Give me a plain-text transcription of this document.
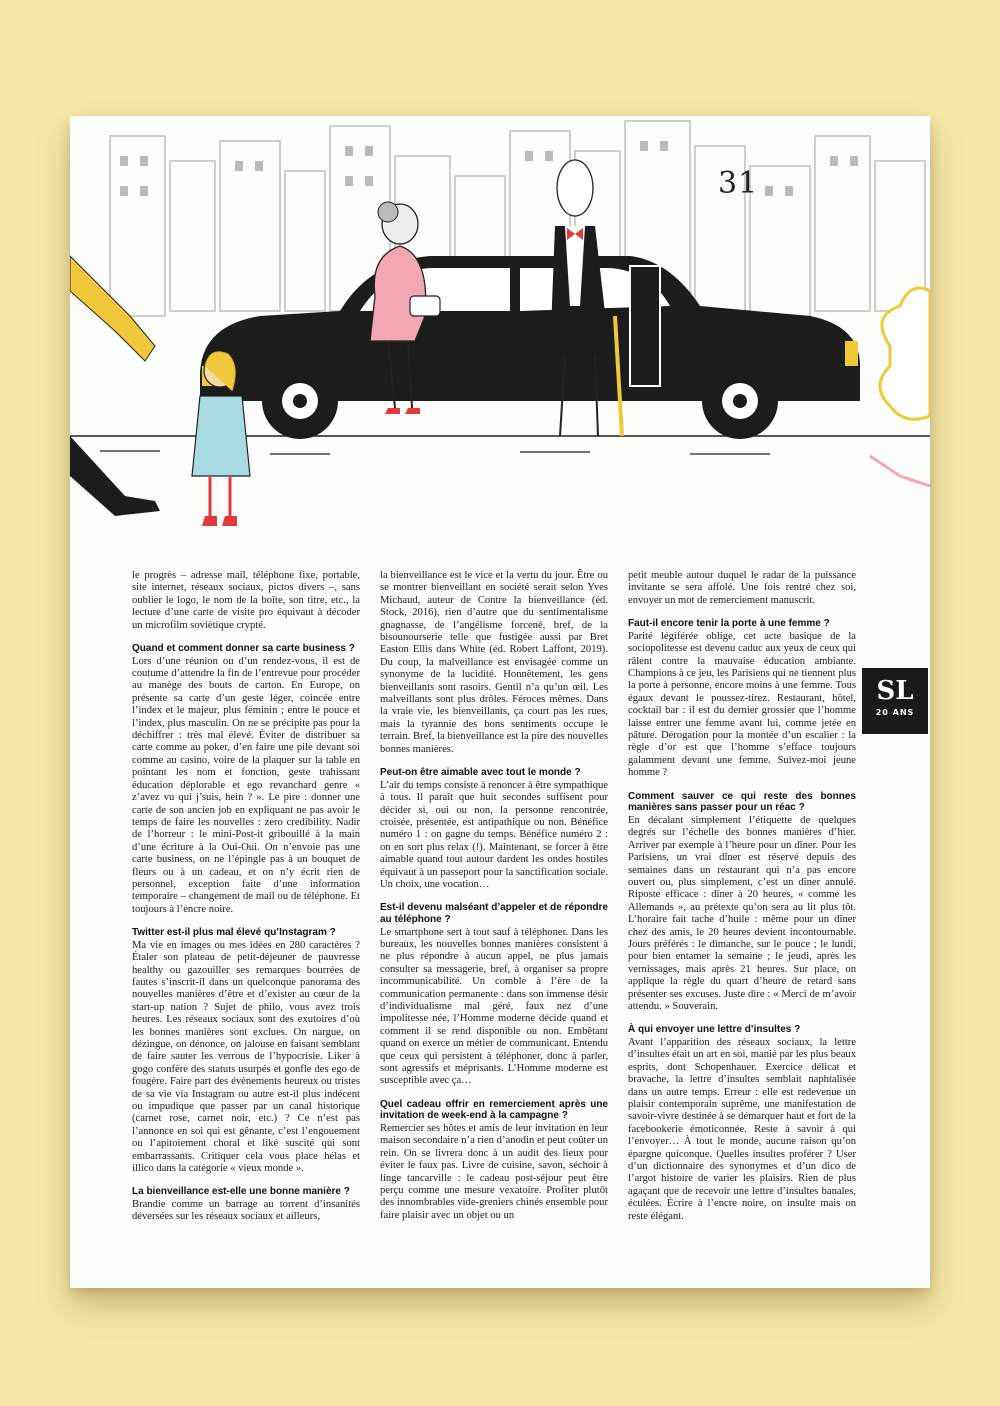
31

le progrès – adresse mail, téléphone fixe, portable, site internet, réseaux sociaux, pictos divers –, sans oublier le logo, le nom de la boîte, son titre, etc., la lecture d’une carte de visite pro équivaut à décoder un microfilm soviétique crypté.

Quand et comment donner sa carte business ?

Lors d’une réunion ou d’un rendez-vous, il est de coutume d’attendre la fin de l’entrevue pour procéder au manège des bouts de carton. En Europe, on présente sa carte d’un geste léger, coincée entre l’index et le majeur, plus féminin ; entre le pouce et l’index, plus masculin. On ne se précipite pas pour la déchiffrer : très mal élevé. Éviter de distribuer sa carte comme au poker, d’en faire une pile devant soi comme au casino, voire de la plaquer sur la table en pointant les nom et fonction, geste trahissant éducation déplorable et ego revanchard genre « z’avez vu qui j’suis, hein ? ». Le pire : donner une carte de son ancien job en expliquant ne pas avoir le temps de faire les nouvelles : zero credibility. Nadir de l’horreur : le mini-Post-it gribouillé à la main d’une écriture à la Oui-Oui. On n’envoie pas une carte business, on ne l’épingle pas à un bouquet de fleurs ou à un cadeau, et on n’y écrit rien de personnel, exception faite d’une information temporaire – changement de mail ou de téléphone. Et toujours à l’encre noire.

Twitter est-il plus mal élevé qu’Instagram ?

Ma vie en images ou mes idées en 280 caractères ? Étaler son plateau de petit-déjeuner de pauvresse healthy ou gazouiller ses remarques bourrées de fautes s’inscrit-il dans un quelconque panorama des nouvelles manières d’être et d’exister au cœur de la start-up nation ? Sujet de philo, vous avez trois heures. Les réseaux sociaux sont des exutoires d’où les bonnes manières sont exclues. On nargue, on dézingue, on dénonce, on jalouse en faisant semblant de faire sauter les verrous de l’hypocrisie. Liker à gogo confère des statuts usurpés et gonfle des ego de fougère. Faire part des évènements heureux ou tristes de sa vie via Instagram ou autre est-il plus indécent ou impudique que passer par un canal historique (carnet rose, carnet noir, etc.) ? Ce n’est pas l’annonce en soi qui est gênante, c’est l’engouement ou l’apitoiement choral et liké suscité qui sont embarrassants. Critiquer cela vous place hélas et illico dans la catégorie « vieux monde ».

La bienveillance est-elle une bonne manière ?

Brandie comme un barrage au torrent d’insanités déversées sur les réseaux sociaux et ailleurs,

la bienveillance est le vice et la vertu du jour. Être ou se montrer bienveillant en société serait selon Yves Michaud, auteur de Contre la bienveillance (éd. Stock, 2016), rien d’autre que du sentimentalisme gnagnasse, de l’angélisme forcené, bref, de la bisounourserie telle que fustigée aussi par Bret Easton Ellis dans White (éd. Robert Laffont, 2019). Du coup, la malveillance est envisagée comme un synonyme de la lucidité. Honnêtement, les gens bienveillants sont rasoirs. Gentil n’a qu’un œil. Les malveillants sont plus drôles. Féroces mêmes. Dans la vraie vie, les bienveillants, ça court pas les rues, mais la tyrannie des bons sentiments occupe le terrain. Bref, la bienveillance est la pire des nouvelles bonnes manières.

Peut-on être aimable avec tout le monde ?

L’air du temps consiste à renoncer à être sympathique à tous. Il paraît que huit secondes suffisent pour décider si, oui ou non, la personne rencontrée, croisée, présentée, est antipathique ou non. Bénéfice numéro 1 : on gagne du temps. Bénéfice numéro 2 : on en sort plus relax (!). Maintenant, se forcer à être aimable quand tout autour dardent les ondes hostiles équivaut à un passeport pour la sanctification sociale. Un choix, une vocation…

Est-il devenu malséant d’appeler et de répondre au téléphone ?

Le smartphone sert à tout sauf à téléphoner. Dans les bureaux, les nouvelles bonnes manières consistent à ne plus répondre à aucun appel, ne plus jamais consulter sa messagerie, bref, à organiser sa propre incommunicabilité. Un comble à l’ère de la communication permanente : dans son immense désir d’individualisme mal géré, faux nez d’une impolitesse née, l’Homme moderne décide quand et comment il se rend disponible ou non. Embêtant quand on exerce un métier de communicant. Entendu que ceux qui persistent à téléphoner, donc à parler, sont agressifs et méprisants. L’Homme moderne est susceptible avec ça…

Quel cadeau offrir en remerciement après une invitation de week-end à la campagne ?

Remercier ses hôtes et amis de leur invitation en leur maison secondaire n’a rien d’anodin et peut coûter un rein. On se livrera donc à un audit des lieux pour éviter le faux pas. Livre de cuisine, savon, séchoir à linge tancarville : le cadeau post-séjour peut être perçu comme une mesure vexatoire. Profiter plutôt des innombrables vide-greniers chinés ensemble pour faire plaisir avec un objet ou un

petit meuble autour duquel le radar de la puissance invitante se sera affolé. Une fois rentré chez soi, envoyer un mot de remerciement manuscrit.

Faut-il encore tenir la porte à une femme ?

Parité légiférée oblige, cet acte basique de la sociopolitesse est devenu caduc aux yeux de ceux qui râlent contre la mauvaise éducation ambiante. Champions à ce jeu, les Parisiens qui ne tiennent plus la porte à personne, encore moins à une femme. Tous égaux devant le poussez-tirez. Restaurant, hôtel, cocktail bar : il est du dernier grossier que l’homme laisse entrer une femme avant lui, comme jetée en pâture. Dérogation pour la montée d’un escalier : la règle d’or est que l’homme s’efface toujours galamment devant une femme. Suivez-moi jeune homme ?

Comment sauver ce qui reste des bonnes manières sans passer pour un réac ?

En décalant simplement l’étiquette de quelques degrés sur l’échelle des bonnes manières d’hier. Arriver par exemple à l’heure pour un dîner. Pour les Parisiens, un vrai dîner est réservé depuis des semaines dans un restaurant qui n’a pas encore ouvert ou, plus simplement, c’est un dîner annulé. Riposte efficace : dîner à 20 heures, « comme les Allemands », au prétexte qu’on sera au lit plus tôt. L’horaire fait tache d’huile : même pour un dîner chez des amis, le 20 heures devient incontournable. Jours préférés : le dimanche, sur le pouce ; le lundi, pour bien entamer la semaine ; le jeudi, après les vernissages, mais après 21 heures. Sur place, on applique la règle du quart d’heure de retard sans présenter ses excuses. Juste dire : « Merci de m’avoir attendu. » Souverain.

À qui envoyer une lettre d’insultes ?

Avant l’apparition des réseaux sociaux, la lettre d’insultes était un art en soi, manié par les plus beaux esprits, dont Schopenhauer. Exercice délicat et bravache, la lettre d’insultes semblait naphtalisée dans un autre temps. Erreur : elle est redevenue un plaisir contemporain suprême, une manifestation de savoir-vivre destinée à se démarquer haut et fort de la facebookerie émoticonnée. Reste à savoir à qui l’envoyer… À tout le monde, aucune raison qu’on épargne quiconque. Quelles insultes proférer ? User d’un dictionnaire des synonymes et d’un dico de l’argot histoire de varier les plaisirs. Rien de plus agaçant que de recevoir une lettre d’insultes banales, éculées. Écrire à l’encre noire, on insulte mais on reste élégant.

SL
20 ANS
